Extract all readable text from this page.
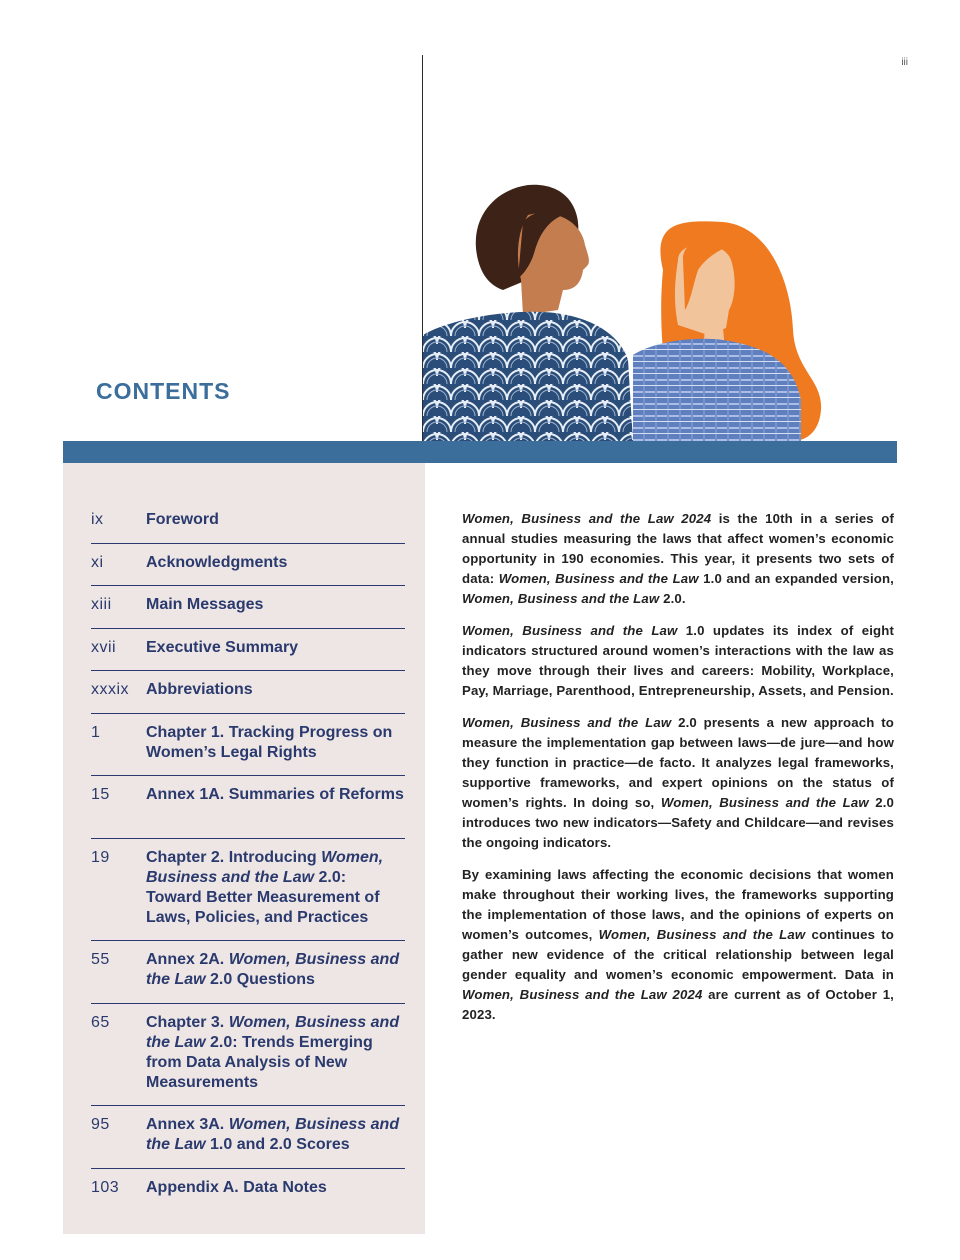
iii
CONTENTS
ix	Foreword
xi	Acknowledgments
xiii	Main Messages
xvii	Executive Summary
xxxix	Abbreviations
1	Chapter 1. Tracking Progress on Women’s Legal Rights
15	Annex 1A. Summaries of Reforms
19	Chapter 2. Introducing Women, Business and the Law 2.0: Toward Better Measurement of Laws, Policies, and Practices
55	Annex 2A. Women, Business and the Law 2.0 Questions
65	Chapter 3. Women, Business and the Law 2.0: Trends Emerging from Data Analysis of New Measurements
95	Annex 3A. Women, Business and the Law 1.0 and 2.0 Scores
103	Appendix A. Data Notes

Women, Business and the Law 2024 is the 10th in a series of annual studies measuring the laws that affect women’s economic opportunity in 190 economies. This year, it presents two sets of data: Women, Business and the Law 1.0 and an expanded version, Women, Business and the Law 2.0.

Women, Business and the Law 1.0 updates its index of eight indicators structured around women’s interactions with the law as they move through their lives and careers: Mobility, Workplace, Pay, Marriage, Parenthood, Entrepreneurship, Assets, and Pension.

Women, Business and the Law 2.0 presents a new approach to measure the implementation gap between laws—de jure—and how they function in practice—de facto. It analyzes legal frameworks, supportive frameworks, and expert opinions on the status of women’s rights. In doing so, Women, Business and the Law 2.0 introduces two new indicators—Safety and Childcare—and revises the ongoing indicators.

By examining laws affecting the economic decisions that women make throughout their working lives, the frameworks supporting the implementation of those laws, and the opinions of experts on women’s outcomes, Women, Business and the Law continues to gather new evidence of the critical relationship between legal gender equality and women’s economic empowerment. Data in Women, Business and the Law 2024 are current as of October 1, 2023.
